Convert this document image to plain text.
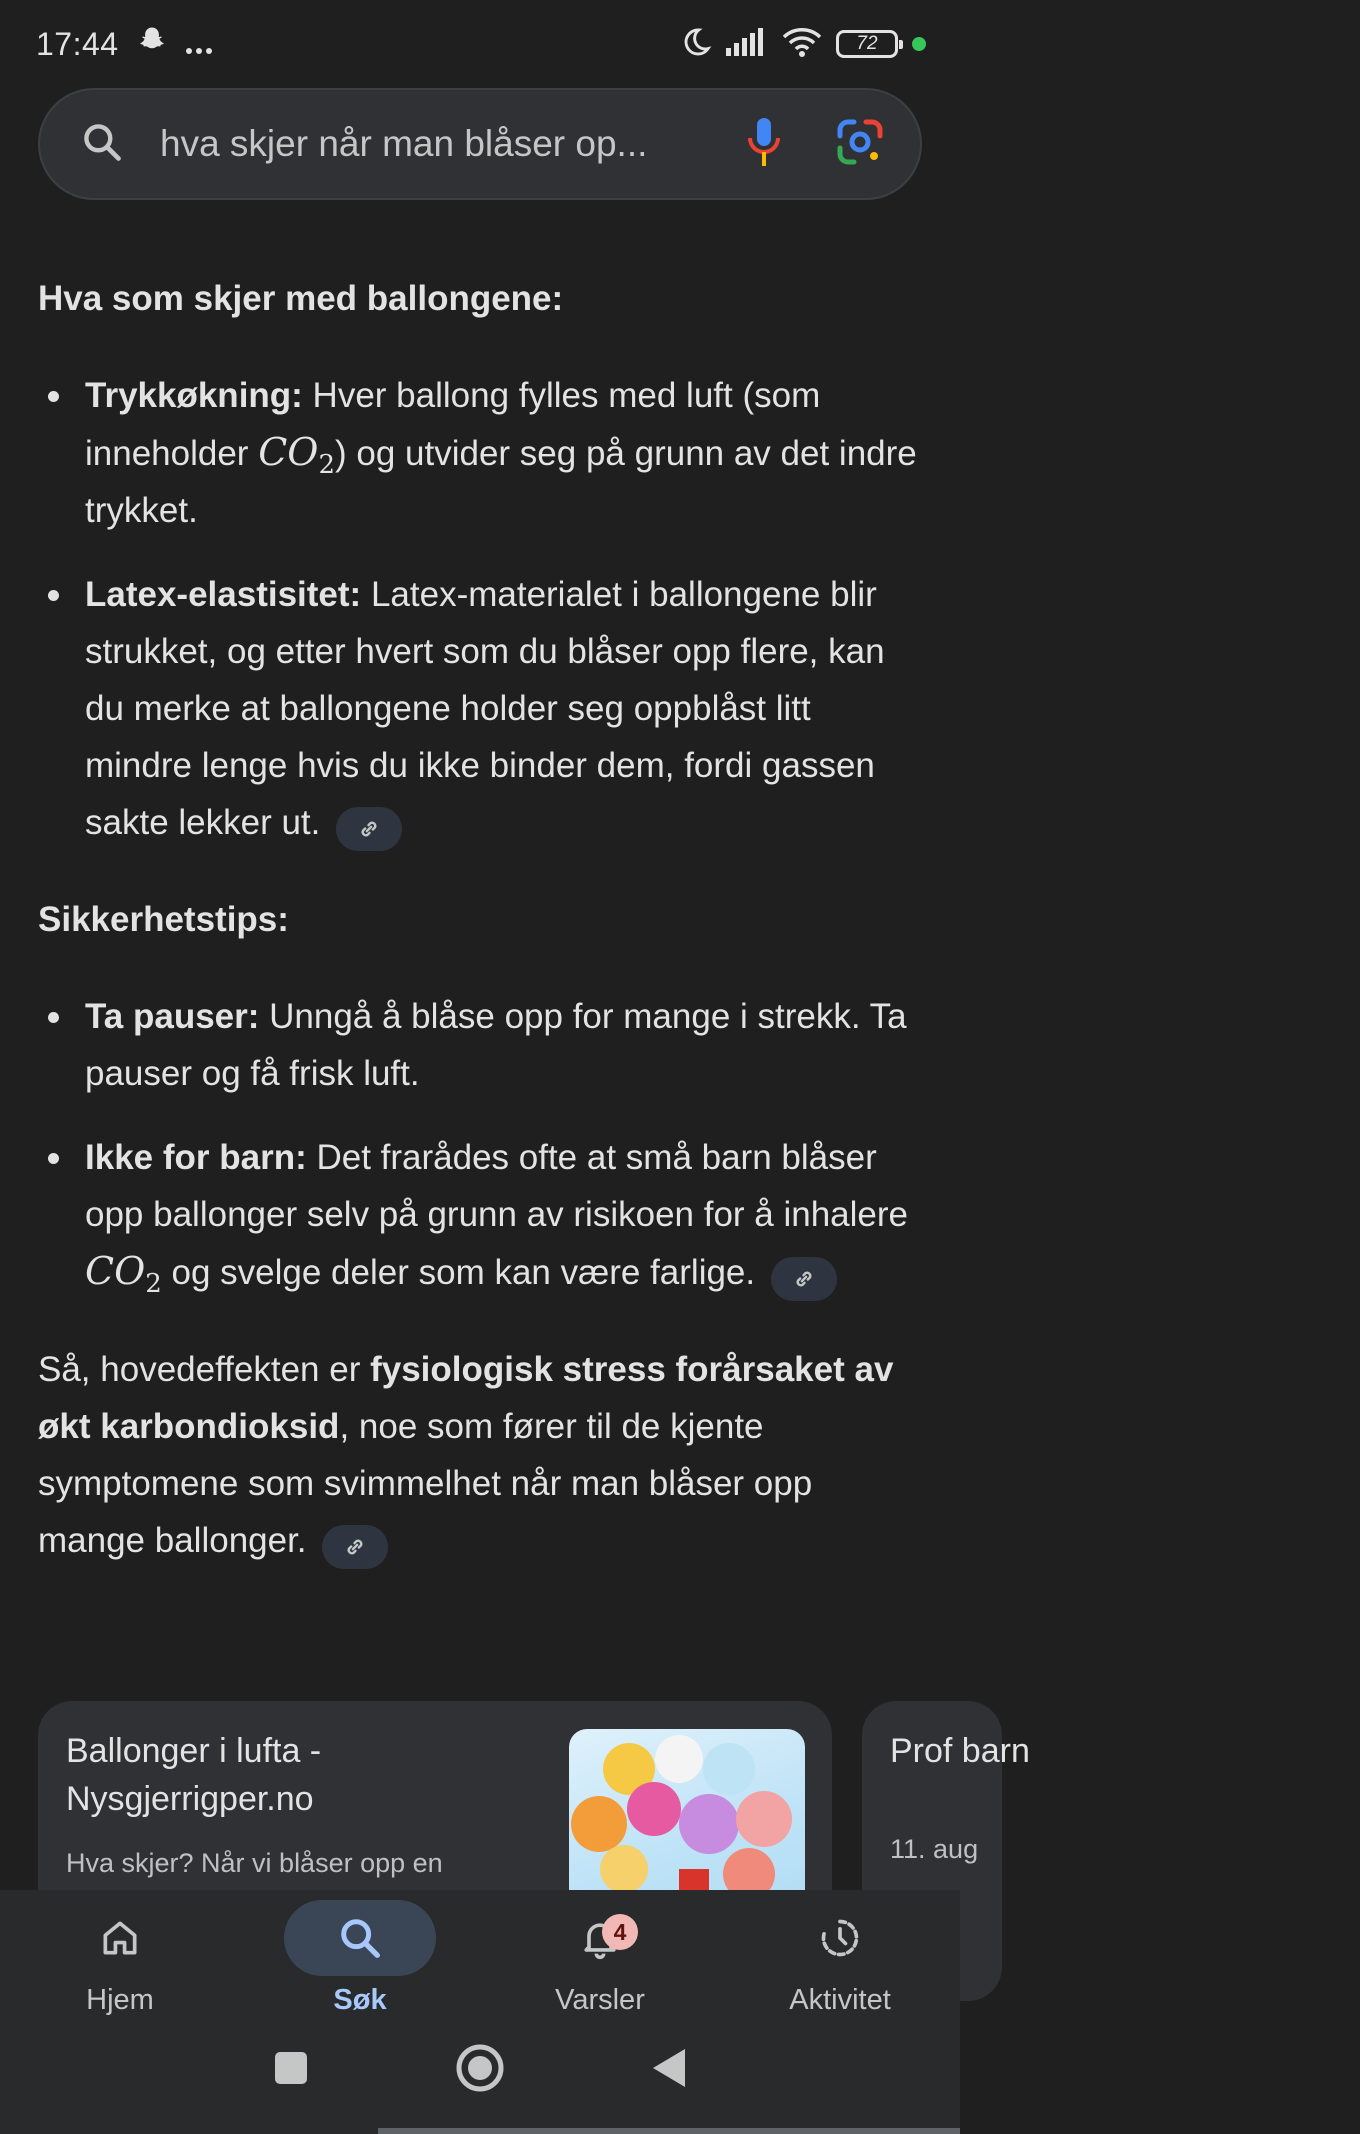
17:44	72
hva skjer når man blåser op...
Hva som skjer med ballongene:
Trykkøkning: Hver ballong fylles med luft (som inneholder $CO_2$) og utvider seg på grunn av det indre trykket.
Latex-elastisitet: Latex-materialet i ballongene blir strukket, og etter hvert som du blåser opp flere, kan du merke at ballongene holder seg oppblåst litt mindre lenge hvis du ikke binder dem, fordi gassen sakte lekker ut.
Sikkerhetstips:
Ta pauser: Unngå å blåse opp for mange i strekk. Ta pauser og få frisk luft.
Ikke for barn: Det frarådes ofte at små barn blåser opp ballonger selv på grunn av risikoen for å inhalere $CO_2$ og svelge deler som kan være farlige.

Så, hovedeffekten er fysiologisk stress forårsaket av økt karbondioksid, noe som fører til de kjente symptomene som svimmelhet når man blåser opp mange ballonger.

Ballonger i lufta - Nysgjerrigper.no
Hva skjer? Når vi blåser opp en
Prof barn
11. aug
Hjem	Søk
4
Varsler	Aktivitet
